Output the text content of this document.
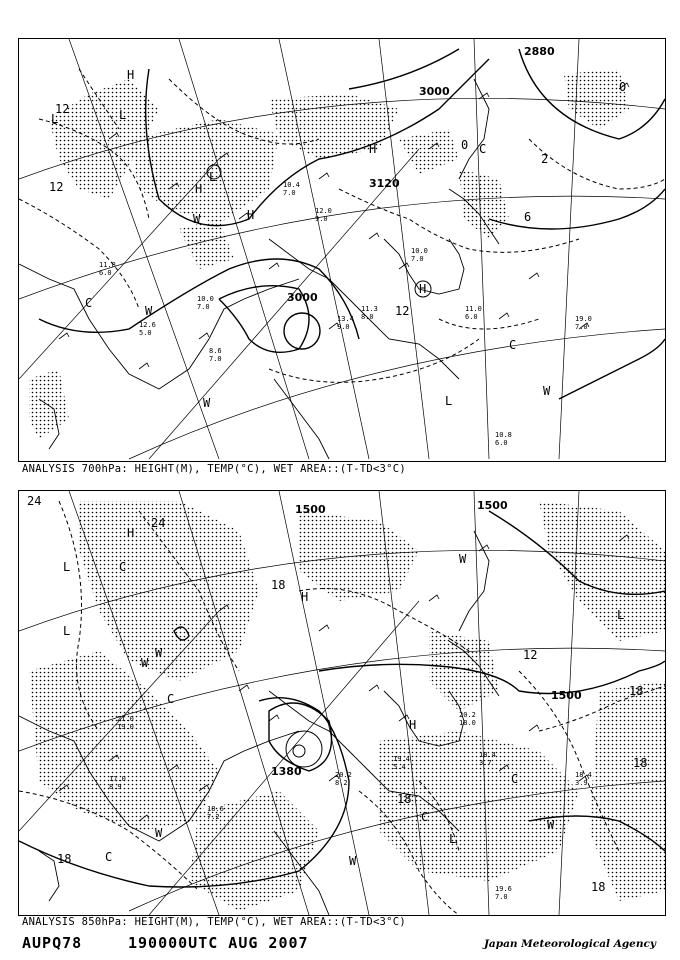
3000
2880
3120
3000
12
12
12
6
0
0
2
H
H
H
L	L
L
C
W
W
W
C
L
W
C
H
H
11.8 6.0
10.0 7.0
12.6 5.0
8.6 7.0
13.4 9.0
11.3 8.0
10.0 7.0
11.0 6.0
10.8 6.0
19.0 7.0
12.0 9.0
10.4 7.0
ANALYSIS 700hPa: HEIGHT(M), TEMP(°C), WET AREA::(T-TD<3°C)
1500	1500
1500
1380
24
24
18
18
18
18
18
12
18
H
H
L
L
C
C
W
W
W
C
L
W
C
H
C
W
L
W
19.6 7.0
18.4 3.9
18.4 3.7
18.6 7.2
19.4 5.4
20.2 8.2
17.0 8.9
21.0 19.0
20.2 18.0
ANALYSIS 850hPa: HEIGHT(M), TEMP(°C), WET AREA::(T-TD<3°C)
AUPQ78	190000UTC AUG 2007	Japan Meteorological Agency
